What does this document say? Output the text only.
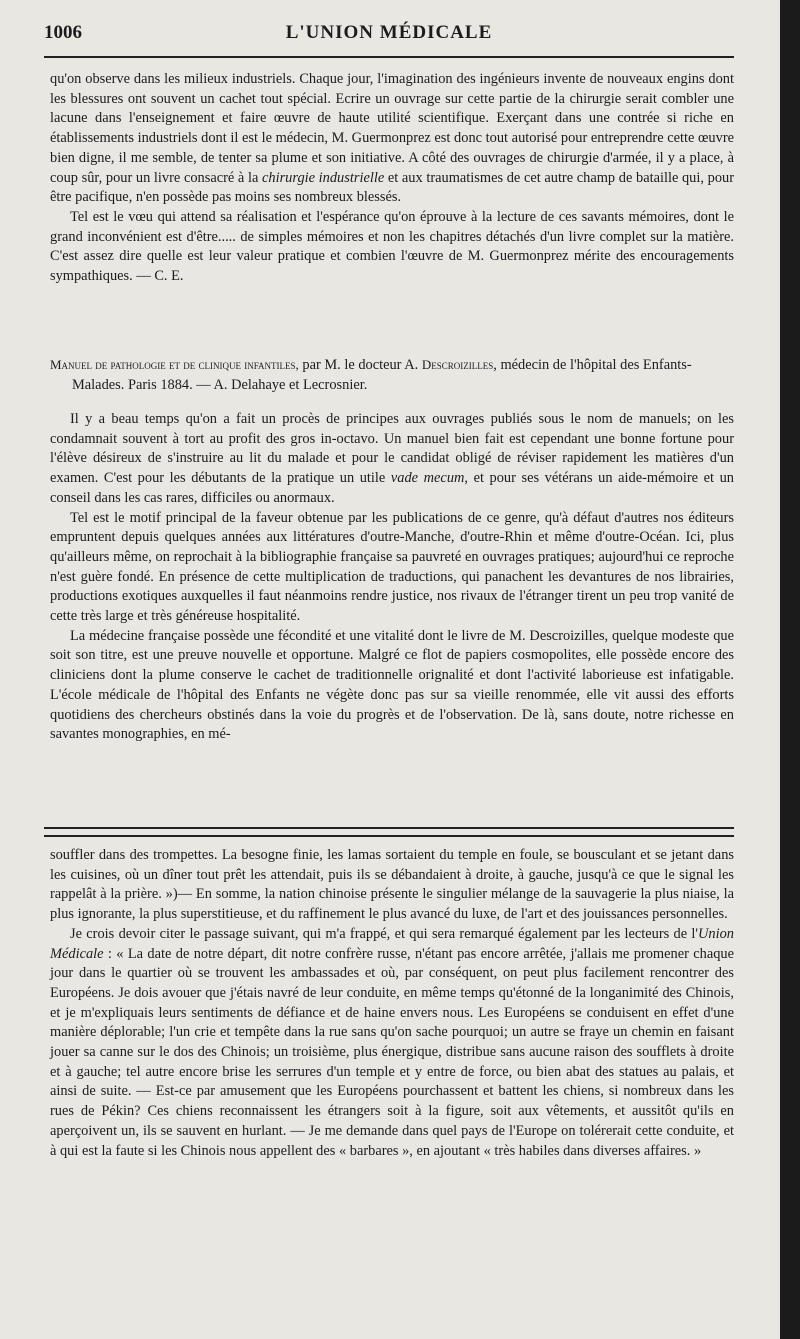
1006	L'UNION MÉDICALE

qu'on observe dans les milieux industriels. Chaque jour, l'imagination des ingénieurs invente de nouveaux engins dont les blessures ont souvent un cachet tout spécial. Ecrire un ouvrage sur cette partie de la chirurgie serait combler une lacune dans l'enseignement et faire œuvre de haute utilité scientifique. Exerçant dans une contrée si riche en établissements industriels dont il est le médecin, M. Guermonprez est donc tout autorisé pour entreprendre cette œuvre bien digne, il me semble, de tenter sa plume et son initiative. A côté des ouvrages de chirurgie d'armée, il y a place, à coup sûr, pour un livre consacré à la chirurgie industrielle et aux traumatismes de cet autre champ de bataille qui, pour être pacifique, n'en possède pas moins ses nombreux blessés.

Tel est le vœu qui attend sa réalisation et l'espérance qu'on éprouve à la lecture de ces savants mémoires, dont le grand inconvénient est d'être..... de simples mémoires et non les chapitres détachés d'un livre complet sur la matière. C'est assez dire quelle est leur valeur pratique et combien l'œuvre de M. Guermonprez mérite des encouragements sympathiques. — C. E.

Manuel de pathologie et de clinique infantiles, par M. le docteur A. Descroizilles, médecin de l'hôpital des Enfants-Malades. Paris 1884. — A. Delahaye et Lecrosnier.

Il y a beau temps qu'on a fait un procès de principes aux ouvrages publiés sous le nom de manuels; on les condamnait souvent à tort au profit des gros in-octavo. Un manuel bien fait est cependant une bonne fortune pour l'élève désireux de s'instruire au lit du malade et pour le candidat obligé de réviser rapidement les matières d'un examen. C'est pour les débutants de la pratique un utile vade mecum, et pour ses vétérans un aide-mémoire et un conseil dans les cas rares, difficiles ou anormaux.

Tel est le motif principal de la faveur obtenue par les publications de ce genre, qu'à défaut d'autres nos éditeurs empruntent depuis quelques années aux littératures d'outre-Manche, d'outre-Rhin et même d'outre-Océan. Ici, plus qu'ailleurs même, on reprochait à la bibliographie française sa pauvreté en ouvrages pratiques; aujourd'hui ce reproche n'est guère fondé. En présence de cette multiplication de traductions, qui panachent les devantures de nos librairies, productions exotiques auxquelles il faut néanmoins rendre justice, nos rivaux de l'étranger tirent un peu trop vanité de cette très large et très généreuse hospitalité.

La médecine française possède une fécondité et une vitalité dont le livre de M. Descroizilles, quelque modeste que soit son titre, est une preuve nouvelle et opportune. Malgré ce flot de papiers cosmopolites, elle possède encore des cliniciens dont la plume conserve le cachet de traditionnelle orignalité et dont l'activité laborieuse est infatigable. L'école médicale de l'hôpital des Enfants ne végète donc pas sur sa vieille renommée, elle vit aussi des efforts quotidiens des chercheurs obstinés dans la voie du progrès et de l'observation. De là, sans doute, notre richesse en savantes monographies, en mé-

souffler dans des trompettes. La besogne finie, les lamas sortaient du temple en foule, se bousculant et se jetant dans les cuisines, où un dîner tout prêt les attendait, puis ils se débandaient à droite, à gauche, jusqu'à ce que le signal les rappelât à la prière. »)— En somme, la nation chinoise présente le singulier mélange de la sauvagerie la plus niaise, la plus ignorante, la plus superstitieuse, et du raffinement le plus avancé du luxe, de l'art et des jouissances personnelles.

Je crois devoir citer le passage suivant, qui m'a frappé, et qui sera remarqué également par les lecteurs de l'Union Médicale : « La date de notre départ, dit notre confrère russe, n'étant pas encore arrêtée, j'allais me promener chaque jour dans le quartier où se trouvent les ambassades et où, par conséquent, on peut plus facilement rencontrer des Européens. Je dois avouer que j'étais navré de leur conduite, en même temps qu'étonné de la longanimité des Chinois, et je m'expliquais leurs sentiments de défiance et de haine envers nous. Les Européens se conduisent en effet d'une manière déplorable; l'un crie et tempête dans la rue sans qu'on sache pourquoi; un autre se fraye un chemin en faisant jouer sa canne sur le dos des Chinois; un troisième, plus énergique, distribue sans aucune raison des soufflets à droite et à gauche; tel autre encore brise les serrures d'un temple et y entre de force, ou bien abat des statues au palais, et ainsi de suite. — Est-ce par amusement que les Européens pourchassent et battent les chiens, si nombreux dans les rues de Pékin? Ces chiens reconnaissent les étrangers soit à la figure, soit aux vêtements, et aussitôt qu'ils en aperçoivent un, ils se sauvent en hurlant. — Je me demande dans quel pays de l'Europe on tolérerait cette conduite, et à qui est la faute si les Chinois nous appellent des « barbares », en ajoutant « très habiles dans diverses affaires. »
